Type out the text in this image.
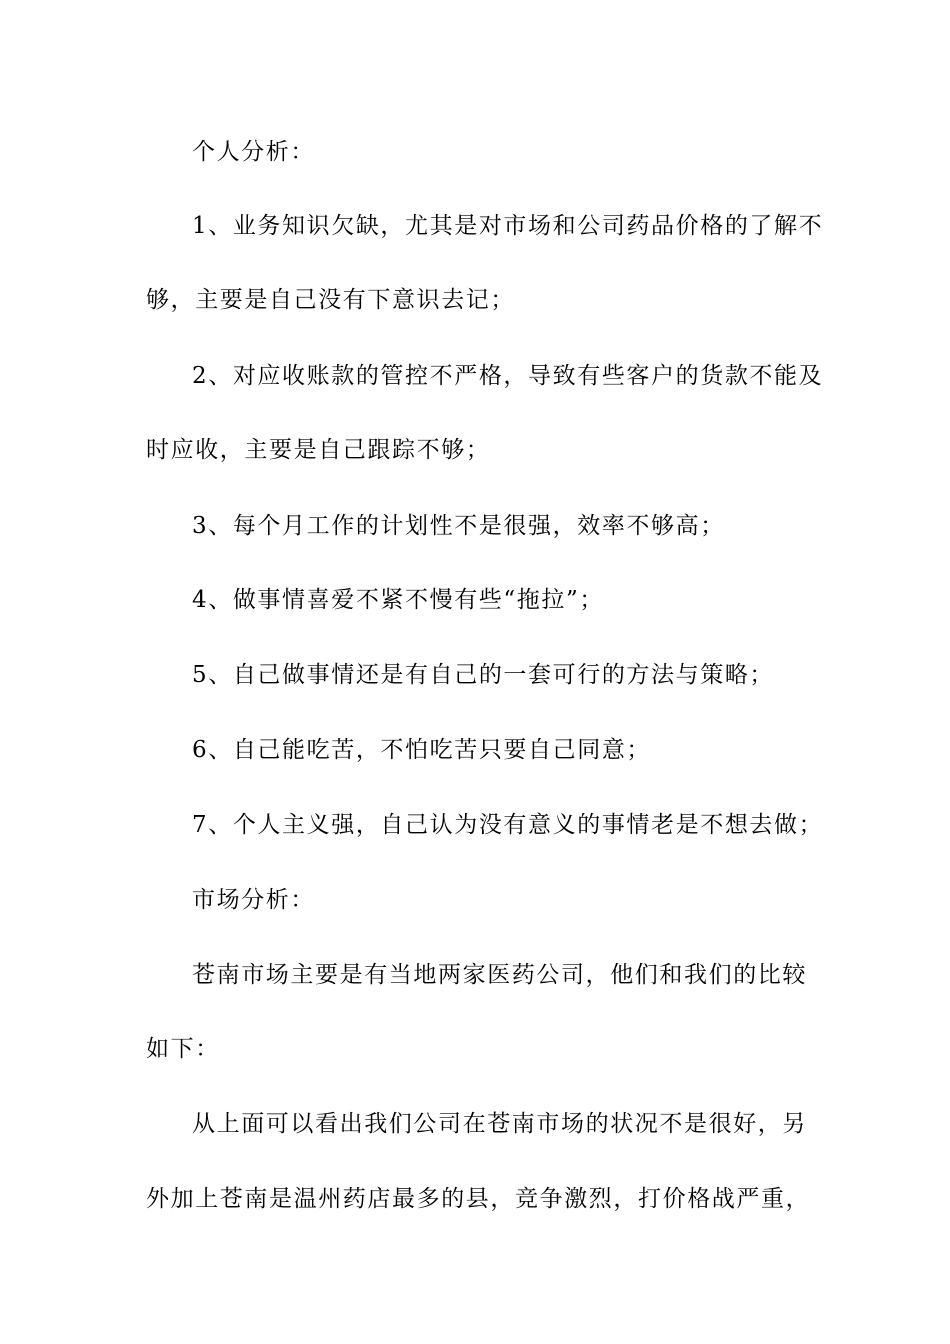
个人分析：
1、业务知识欠缺，尤其是对市场和公司药品价格的了解不
够，主要是自己没有下意识去记；
2、对应收账款的管控不严格，导致有些客户的货款不能及
时应收，主要是自己跟踪不够；
3、每个月工作的计划性不是很强，效率不够高；
4、做事情喜爱不紧不慢有些“拖拉”；
5、自己做事情还是有自己的一套可行的方法与策略；
6、自己能吃苦，不怕吃苦只要自己同意；
7、个人主义强，自己认为没有意义的事情老是不想去做；
市场分析：
苍南市场主要是有当地两家医药公司，他们和我们的比较
如下：
从上面可以看出我们公司在苍南市场的状况不是很好，另
外加上苍南是温州药店最多的县，竞争激烈，打价格战严重，
